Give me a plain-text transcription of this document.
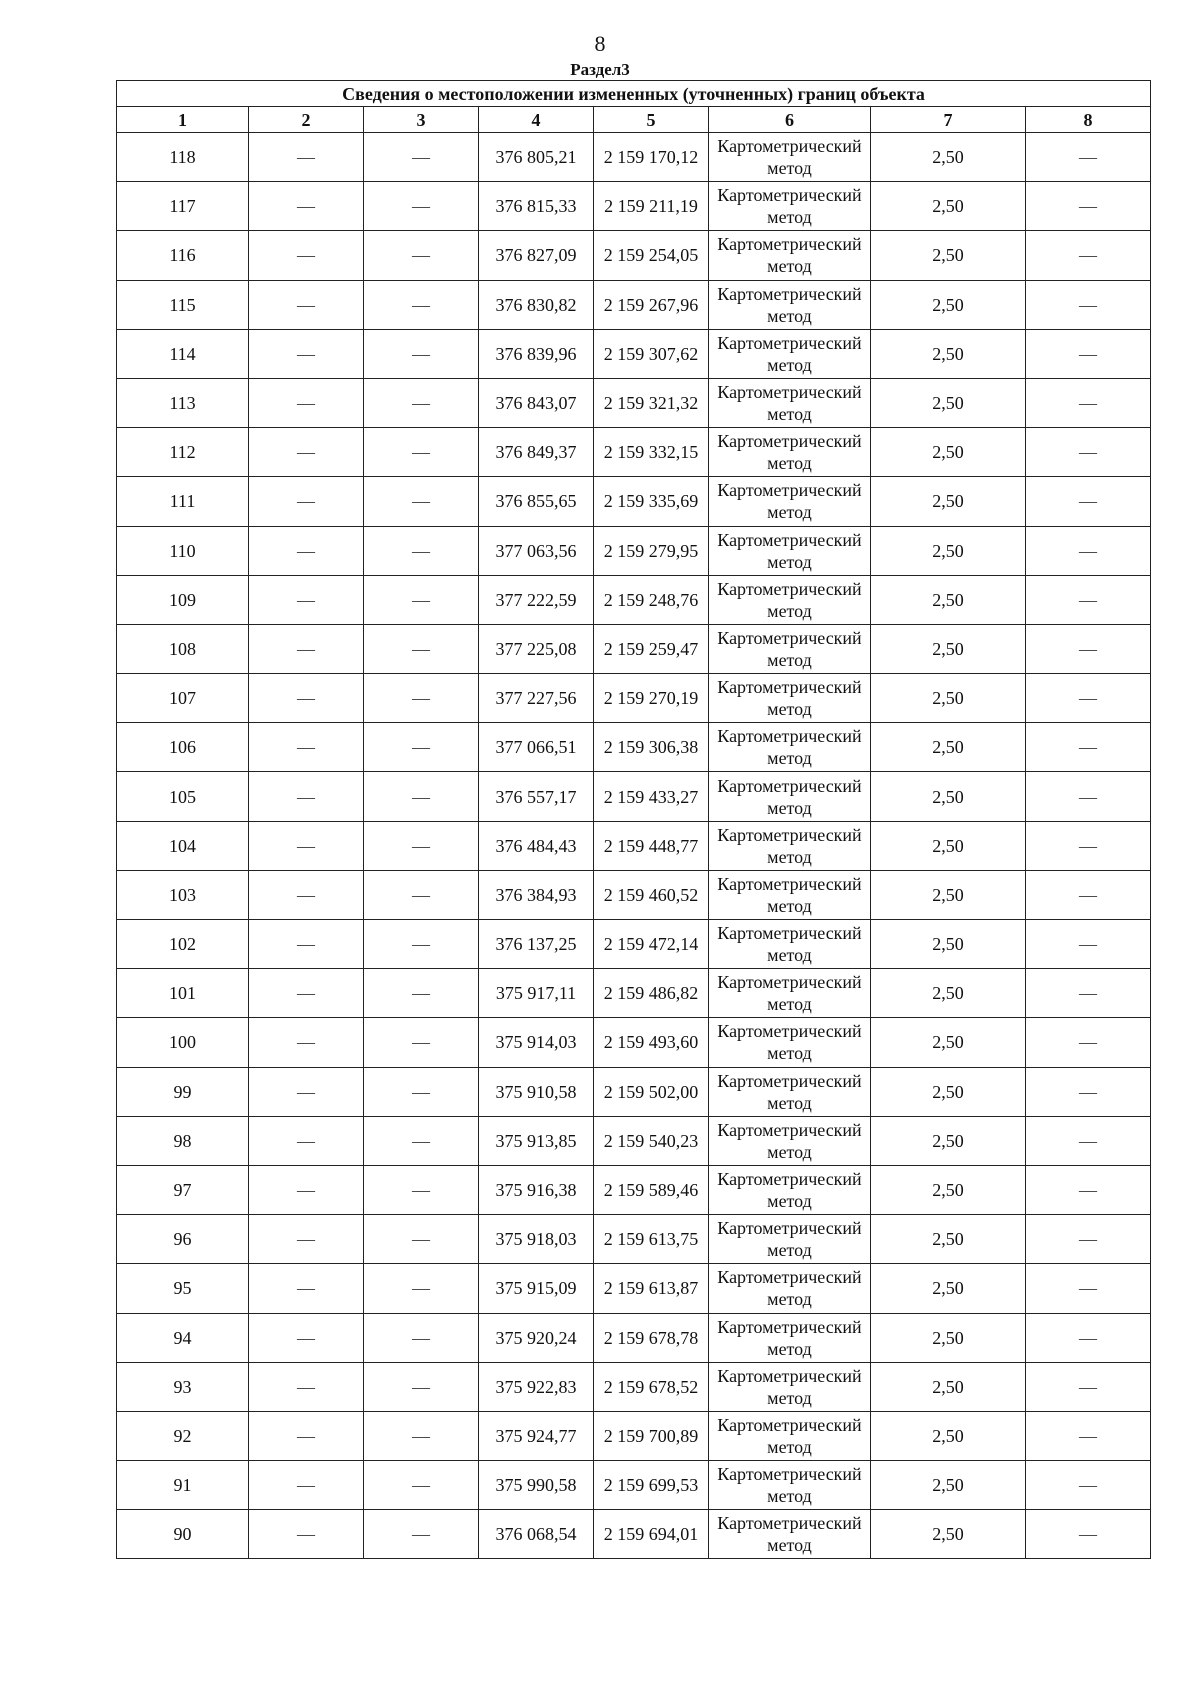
8
Раздел3
Сведения о местоположении измененных (уточненных) границ объекта							
1	2	3	4	5	6	7	8
118	—	—	376 805,21	2 159 170,12	Картометрический метод	2,50	—
117	—	—	376 815,33	2 159 211,19	Картометрический метод	2,50	—
116	—	—	376 827,09	2 159 254,05	Картометрический метод	2,50	—
115	—	—	376 830,82	2 159 267,96	Картометрический метод	2,50	—
114	—	—	376 839,96	2 159 307,62	Картометрический метод	2,50	—
113	—	—	376 843,07	2 159 321,32	Картометрический метод	2,50	—
112	—	—	376 849,37	2 159 332,15	Картометрический метод	2,50	—
111	—	—	376 855,65	2 159 335,69	Картометрический метод	2,50	—
110	—	—	377 063,56	2 159 279,95	Картометрический метод	2,50	—
109	—	—	377 222,59	2 159 248,76	Картометрический метод	2,50	—
108	—	—	377 225,08	2 159 259,47	Картометрический метод	2,50	—
107	—	—	377 227,56	2 159 270,19	Картометрический метод	2,50	—
106	—	—	377 066,51	2 159 306,38	Картометрический метод	2,50	—
105	—	—	376 557,17	2 159 433,27	Картометрический метод	2,50	—
104	—	—	376 484,43	2 159 448,77	Картометрический метод	2,50	—
103	—	—	376 384,93	2 159 460,52	Картометрический метод	2,50	—
102	—	—	376 137,25	2 159 472,14	Картометрический метод	2,50	—
101	—	—	375 917,11	2 159 486,82	Картометрический метод	2,50	—
100	—	—	375 914,03	2 159 493,60	Картометрический метод	2,50	—
99	—	—	375 910,58	2 159 502,00	Картометрический метод	2,50	—
98	—	—	375 913,85	2 159 540,23	Картометрический метод	2,50	—
97	—	—	375 916,38	2 159 589,46	Картометрический метод	2,50	—
96	—	—	375 918,03	2 159 613,75	Картометрический метод	2,50	—
95	—	—	375 915,09	2 159 613,87	Картометрический метод	2,50	—
94	—	—	375 920,24	2 159 678,78	Картометрический метод	2,50	—
93	—	—	375 922,83	2 159 678,52	Картометрический метод	2,50	—
92	—	—	375 924,77	2 159 700,89	Картометрический метод	2,50	—
91	—	—	375 990,58	2 159 699,53	Картометрический метод	2,50	—
90	—	—	376 068,54	2 159 694,01	Картометрический метод	2,50	—
